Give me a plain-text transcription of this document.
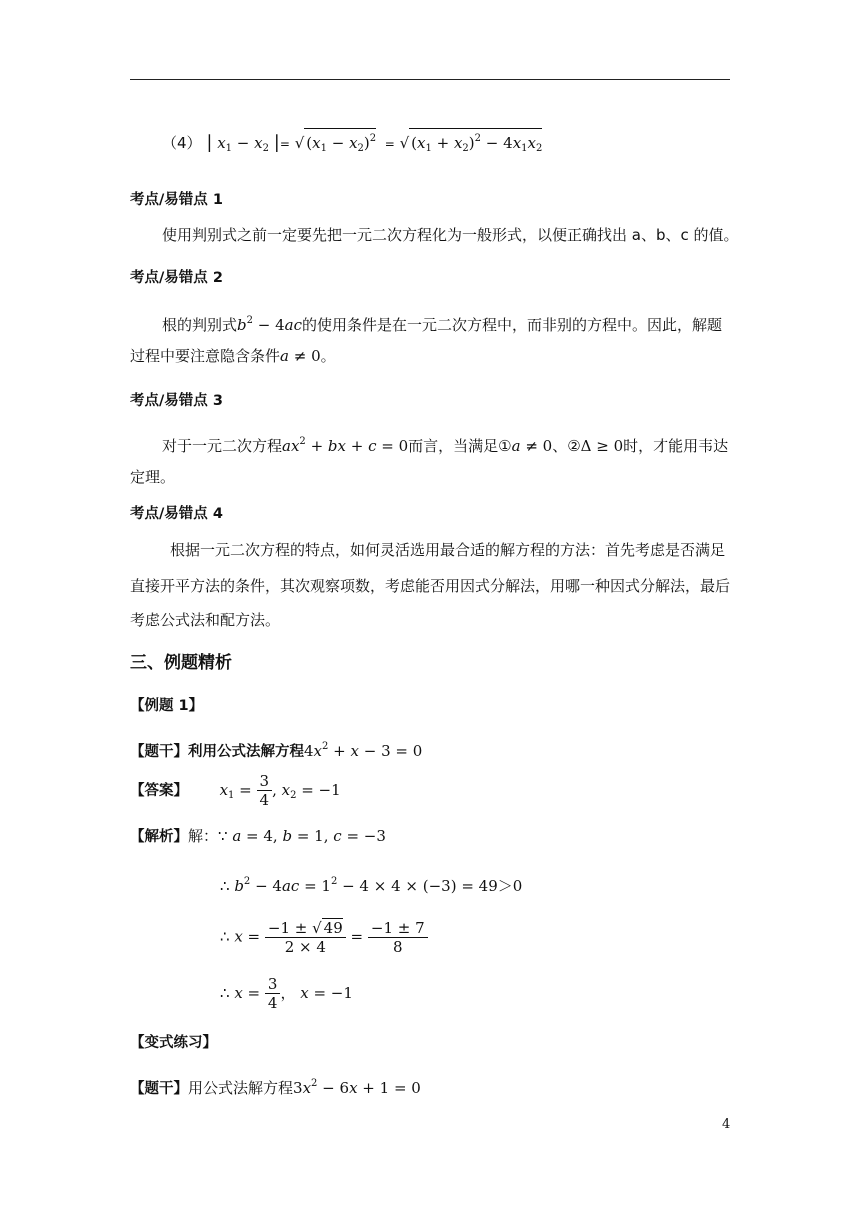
（4） | $x_1 - x_2$ |= √ $(x_1 - x_2)^2$  = √ $(x_1 + x_2)^2 - 4x_1x_2$
考点/易错点 1
使用判别式之前一定要先把一元二次方程化为一般形式，以便正确找出 a、b、c 的值。
考点/易错点 2
根的判别式$b^2 - 4ac$的使用条件是在一元二次方程中，而非别的方程中。因此，解题
过程中要注意隐含条件a ≠ 0。
考点/易错点 3
对于一元二次方程$ax^2$ + bx + c = 0而言，当满足①a ≠ 0、②Δ ≥ 0时，才能用韦达
定理。
考点/易错点 4
根据一元二次方程的特点，如何灵活选用最合适的解方程的方法：首先考虑是否满足
直接开平方法的条件，其次观察项数，考虑能否用因式分解法，用哪一种因式分解法，最后
考虑公式法和配方法。
三、例题精析
【例题 1】
【题干】利用公式法解方程$4x^2 + x - 3 = 0$
【答案】 $x_1 = \frac{3}{4}$ , $x_2 = -1$
【解析】解：∵ a = 4, b = 1, c = −3
∴ $b^2 - 4ac = 1^2 - 4 \times 4 \times (-3) = 49>0$
∴ $x = \frac{-1 \pm √ 49}{2 \times 4} = \frac{-1 \pm 7}{8}$
∴ $x = \frac{3}{4}$ ， x = −1
【变式练习】
【题干】用公式法解方程$3x^2 - 6x + 1 = 0$
4
